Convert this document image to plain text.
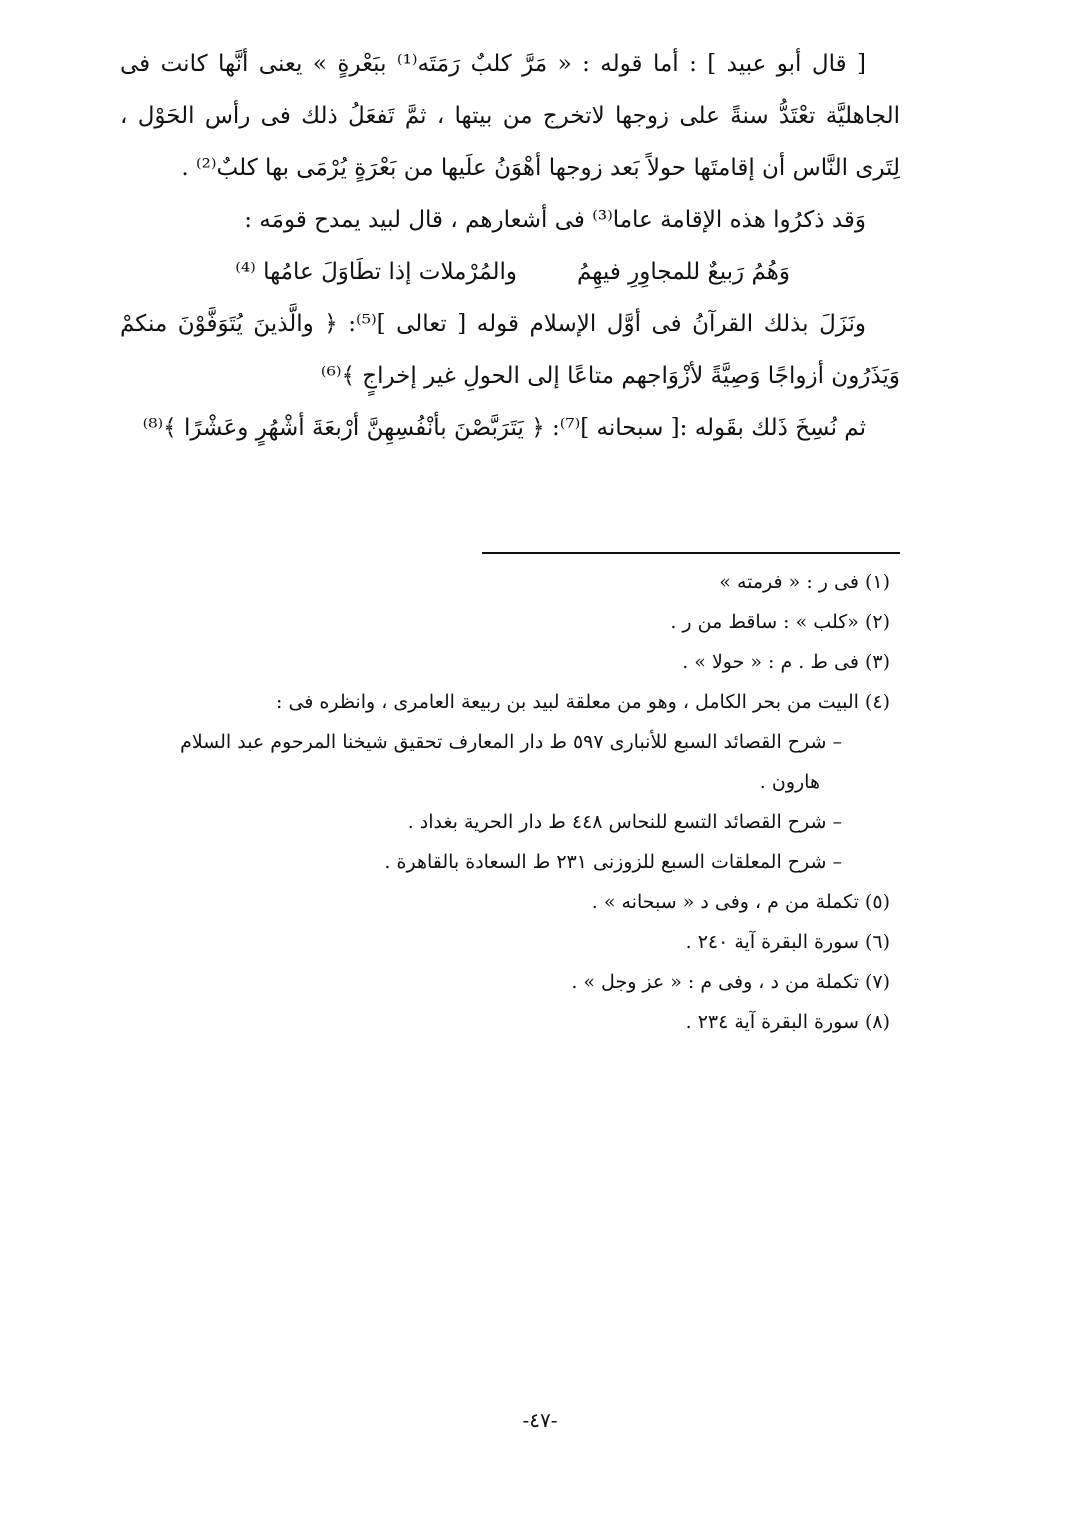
[ قال أبو عبيد ] : أما قوله : « مَرَّ كلبٌ رَمَتَه⁽¹⁾ ببَعْرةٍ » يعنى أنَّها كانت فى الجاهليَّة تعْتَدُّ سنةً على زوجها لاتخرج من بيتها ، ثمَّ تَفعَلُ ذلك فى رأس الحَوْل ، لِتَرى النَّاس أن إقامتَها حولاً بَعد زوجها أهْوَنُ علَيها من بَعْرَةٍ يُرْمَى بها كلبٌ⁽²⁾ .

وَقد ذكرُوا هذه الإقامة عاما⁽³⁾ فى أشعارهم ، قال لبيد يمدح قومَه :

وَهُمُ رَبيعٌ للمجاوِرِ فيهِمُ
والمُرْملات إذا تطَاوَلَ عامُها ⁽⁴⁾

ونَزَلَ بذلك القرآنُ فى أوَّل الإسلام قوله [ تعالى ]⁽⁵⁾: ﴿ والَّذينَ يُتَوَفَّوْنَ منكمْ وَيَذَرُون أزواجًا وَصِيَّةً لأزْوَاجهم متاعًا إلى الحولِ غير إخراجٍ ﴾⁽⁶⁾

ثم نُسِخَ ذَلك بقَوله :[ سبحانه ]⁽⁷⁾: ﴿ يَتَرَبَّصْنَ بأنْفُسِهِنَّ أرْبعَةَ أشْهُرٍ وعَشْرًا ﴾⁽⁸⁾

(١) فى ر : « فرمته »

(٢) «كلب » : ساقط من ر .

(٣) فى ط . م : « حولا » .

(٤) البيت من بحر الكامل ، وهو من معلقة لبيد بن ربيعة العامرى ، وانظره فى :

– شرح القصائد السبع للأنبارى ٥٩٧ ط دار المعارف تحقيق شيخنا المرحوم عبد السلام

هارون .

– شرح القصائد التسع للنحاس ٤٤٨ ط دار الحرية بغداد .

– شرح المعلقات السبع للزوزنى ٢٣١ ط السعادة بالقاهرة .

(٥) تكملة من م ، وفى د « سبحانه » .

(٦) سورة البقرة آية ٢٤٠ .

(٧) تكملة من د ، وفى م : « عز وجل » .

(٨) سورة البقرة آية ٢٣٤ .

-٤٧-
